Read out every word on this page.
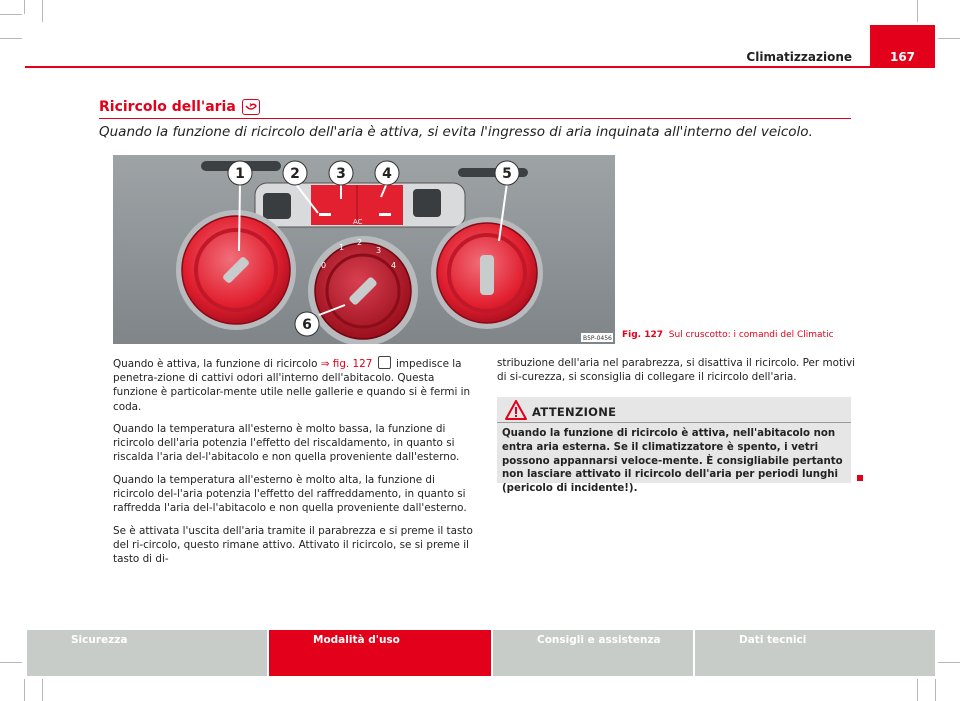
167
Climatizzazione
Ricircolo dell'aria
Quando la funzione di ricircolo dell'aria è attiva, si evita l'ingresso di aria inquinata all'interno del veicolo.
AC
0
1
2
3
4
1	2	3	4	5
6
B5P-0456 Fig. 127 Sul cruscotto: i comandi del Climatic

Quando è attiva, la funzione di ricircolo ⇒ fig. 127  impedisce la penetra-zione di cattivi odori all'interno dell'abitacolo. Questa funzione è particolar-mente utile nelle gallerie e quando si è fermi in coda.

Quando la temperatura all'esterno è molto bassa, la funzione di ricircolo dell'aria potenzia l'effetto del riscaldamento, in quanto si riscalda l'aria del-l'abitacolo e non quella proveniente dall'esterno.

Quando la temperatura all'esterno è molto alta, la funzione di ricircolo del-l'aria potenzia l'effetto del raffreddamento, in quanto si raffredda l'aria del-l'abitacolo e non quella proveniente dall'esterno.

Se è attivata l'uscita dell'aria tramite il parabrezza e si preme il tasto del ri-circolo, questo rimane attivo. Attivato il ricircolo, se si preme il tasto di di-

stribuzione dell'aria nel parabrezza, si disattiva il ricircolo. Per motivi di si-curezza, si sconsiglia di collegare il ricircolo dell'aria.

ATTENZIONE
Quando la funzione di ricircolo è attiva, nell'abitacolo non entra aria esterna. Se il climatizzatore è spento, i vetri possono appannarsi veloce-mente. È consigliabile pertanto non lasciare attivato il ricircolo dell'aria per periodi lunghi (pericolo di incidente!).
Sicurezza	Modalità d'uso	Consigli e assistenza	Dati tecnici
